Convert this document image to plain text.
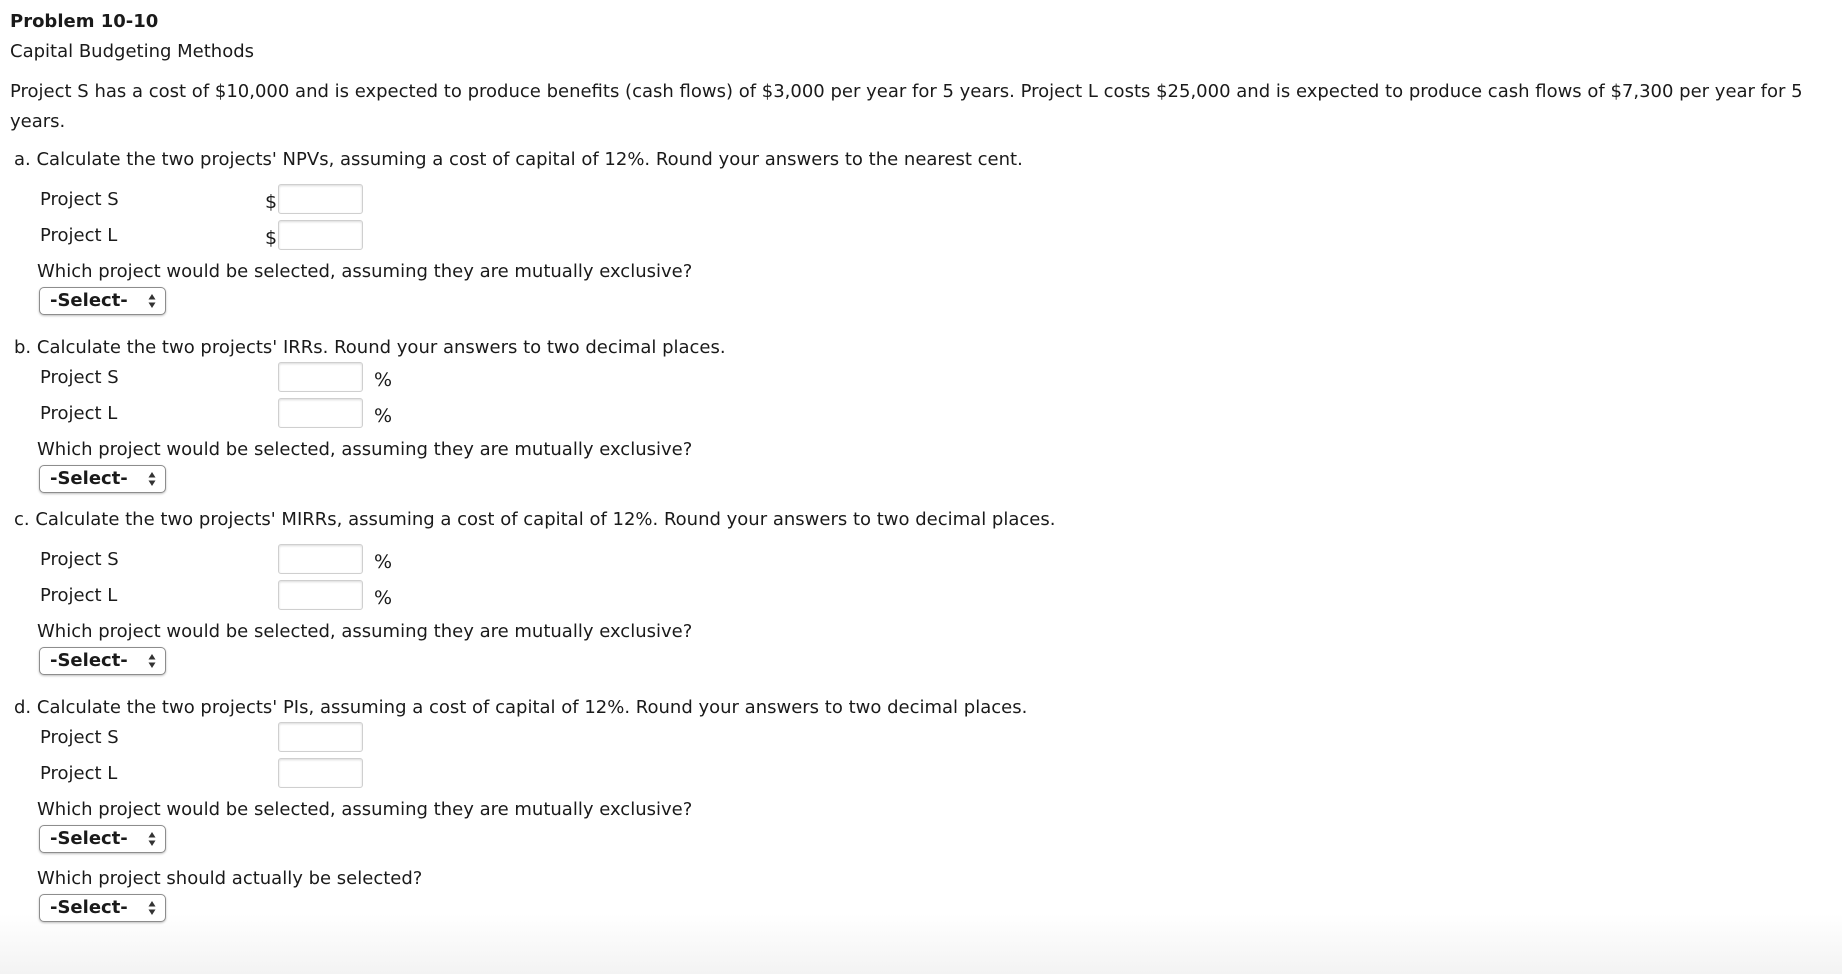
Problem 10-10
Capital Budgeting Methods
Project S has a cost of $10,000 and is expected to produce benefits (cash flows) of $3,000 per year for 5 years. Project L costs $25,000 and is expected to produce cash flows of $7,300 per year for 5 years.
a. Calculate the two projects' NPVs, assuming a cost of capital of 12%. Round your answers to the nearest cent.
Project S	$
Project L	$
Which project would be selected, assuming they are mutually exclusive?
-Select-
b. Calculate the two projects' IRRs. Round your answers to two decimal places.
Project S	%
Project L	%
Which project would be selected, assuming they are mutually exclusive?
-Select-
c. Calculate the two projects' MIRRs, assuming a cost of capital of 12%. Round your answers to two decimal places.
Project S	%
Project L	%
Which project would be selected, assuming they are mutually exclusive?
-Select-
d. Calculate the two projects' PIs, assuming a cost of capital of 12%. Round your answers to two decimal places.
Project S
Project L
Which project would be selected, assuming they are mutually exclusive?
-Select-
Which project should actually be selected?
-Select-
